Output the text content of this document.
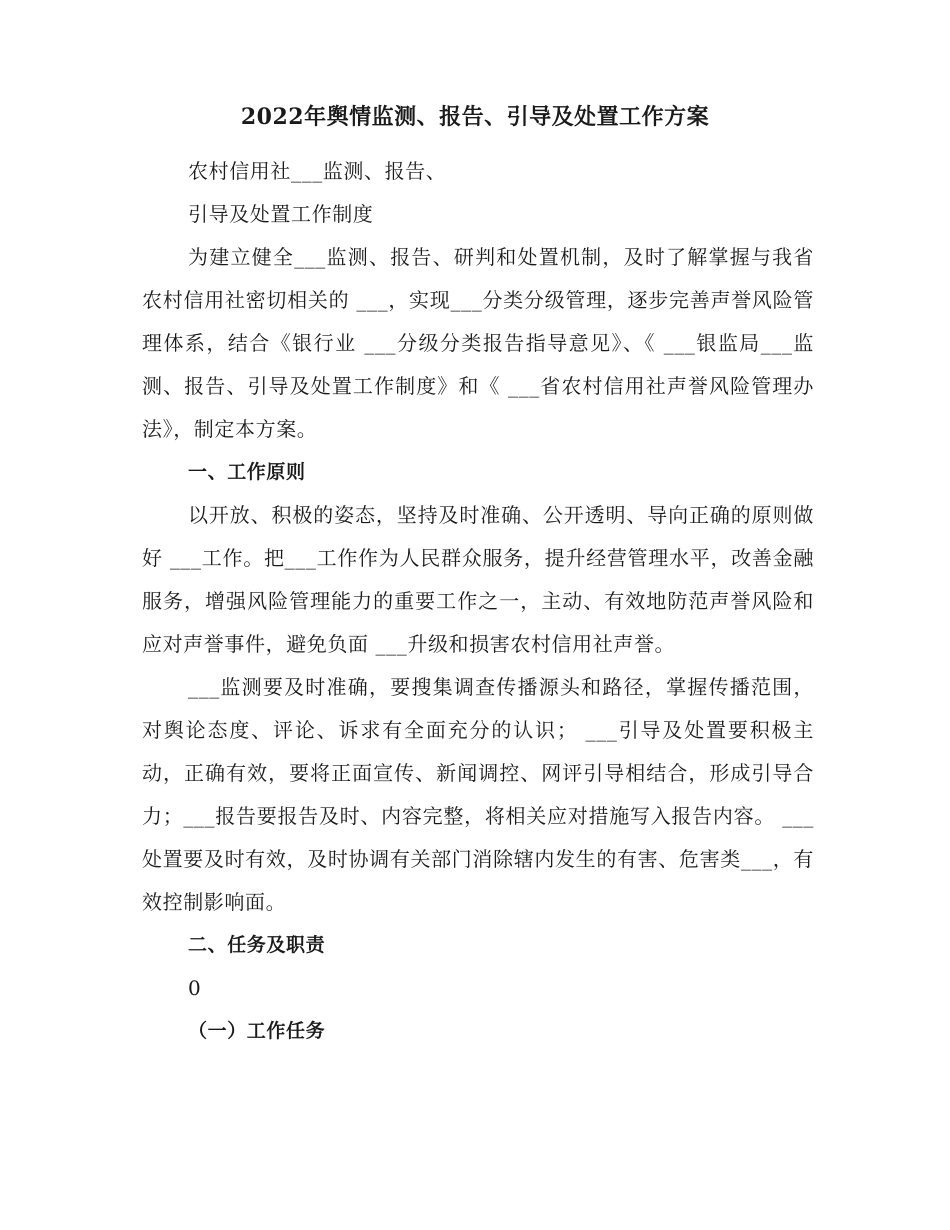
2022年舆情监测、报告、引导及处置工作方案

农村信用社___监测、报告、

引导及处置工作制度

为建立健全___监测、报告、研判和处置机制，及时了解掌握与我省农村信用社密切相关的 ___，实现___分类分级管理，逐步完善声誉风险管理体系，结合《银行业 ___分级分类报告指导意见》、《 ___银监局___监测、报告、引导及处置工作制度》和《 ___省农村信用社声誉风险管理办法》，制定本方案。

一、工作原则

以开放、积极的姿态，坚持及时准确、公开透明、导向正确的原则做好 ___工作。把___工作作为人民群众服务，提升经营管理水平，改善金融服务，增强风险管理能力的重要工作之一，主动、有效地防范声誉风险和应对声誉事件，避免负面 ___升级和损害农村信用社声誉。

___监测要及时准确，要搜集调查传播源头和路径，掌握传播范围，对舆论态度、评论、诉求有全面充分的认识； ___引导及处置要积极主动，正确有效，要将正面宣传、新闻调控、网评引导相结合，形成引导合力；___报告要报告及时、内容完整，将相关应对措施写入报告内容。 ___处置要及时有效，及时协调有关部门消除辖内发生的有害、危害类___，有效控制影响面。

二、任务及职责

0

（一）工作任务
